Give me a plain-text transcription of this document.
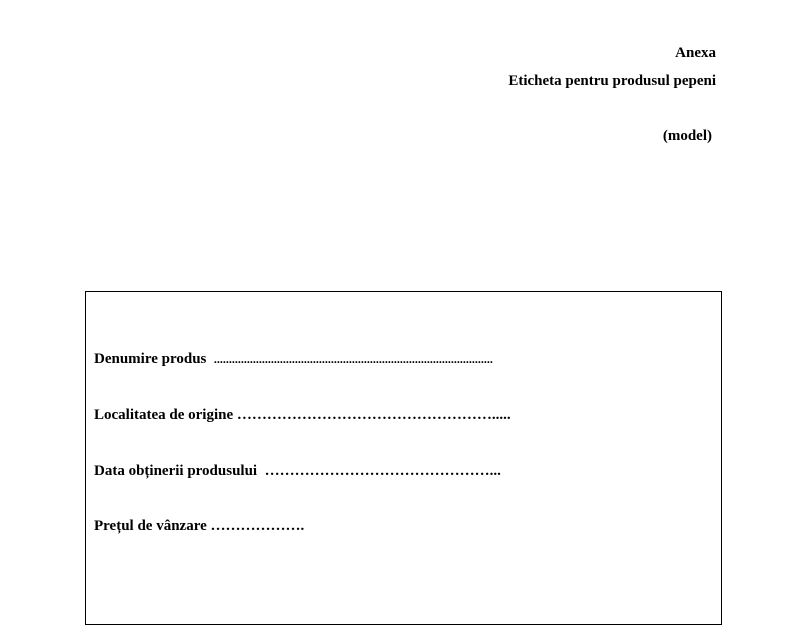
Anexa
Eticheta pentru produsul pepeni
(model)
Denumire produs .............................................................................................
Localitatea de origine …………………………………………….....
Data obținerii produsului ………………………………………...
Prețul de vânzare ……………….
